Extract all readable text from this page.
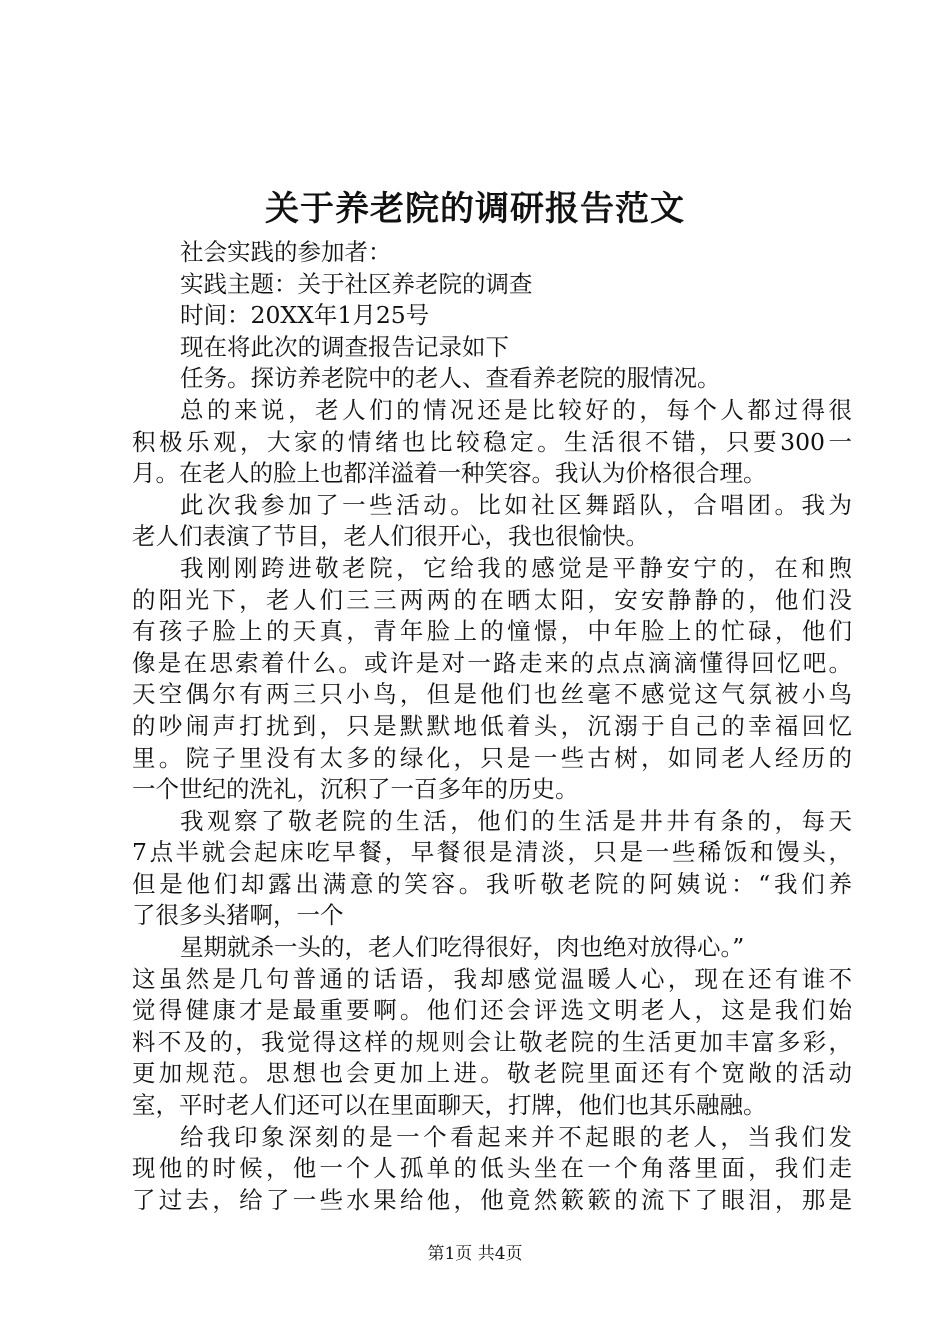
关于养老院的调研报告范文
社会实践的参加者：
实践主题：关于社区养老院的调查
时间：20XX年1月25号
现在将此次的调查报告记录如下
任务。探访养老院中的老人、查看养老院的服情况。
总的来说，老人们的情况还是比较好的，每个人都过得很
积极乐观，大家的情绪也比较稳定。生活很不错，只要300一
月。在老人的脸上也都洋溢着一种笑容。我认为价格很合理。
此次我参加了一些活动。比如社区舞蹈队，合唱团。我为
老人们表演了节目，老人们很开心，我也很愉快。
我刚刚跨进敬老院，它给我的感觉是平静安宁的，在和煦
的阳光下，老人们三三两两的在晒太阳，安安静静的，他们没
有孩子脸上的天真，青年脸上的憧憬，中年脸上的忙碌，他们
像是在思索着什么。或许是对一路走来的点点滴滴懂得回忆吧。
天空偶尔有两三只小鸟，但是他们也丝毫不感觉这气氛被小鸟
的吵闹声打扰到，只是默默地低着头，沉溺于自己的幸福回忆
里。院子里没有太多的绿化，只是一些古树，如同老人经历的
一个世纪的洗礼，沉积了一百多年的历史。
我观察了敬老院的生活，他们的生活是井井有条的，每天
7点半就会起床吃早餐，早餐很是清淡，只是一些稀饭和馒头，
但是他们却露出满意的笑容。我听敬老院的阿姨说：“我们养
了很多头猪啊，一个
星期就杀一头的，老人们吃得很好，肉也绝对放得心。”
这虽然是几句普通的话语，我却感觉温暖人心，现在还有谁不
觉得健康才是最重要啊。他们还会评选文明老人，这是我们始
料不及的，我觉得这样的规则会让敬老院的生活更加丰富多彩，
更加规范。思想也会更加上进。敬老院里面还有个宽敞的活动
室，平时老人们还可以在里面聊天，打牌，他们也其乐融融。
给我印象深刻的是一个看起来并不起眼的老人，当我们发
现他的时候，他一个人孤单的低头坐在一个角落里面，我们走
了过去，给了一些水果给他，他竟然簌簌的流下了眼泪，那是
第1页 共4页
